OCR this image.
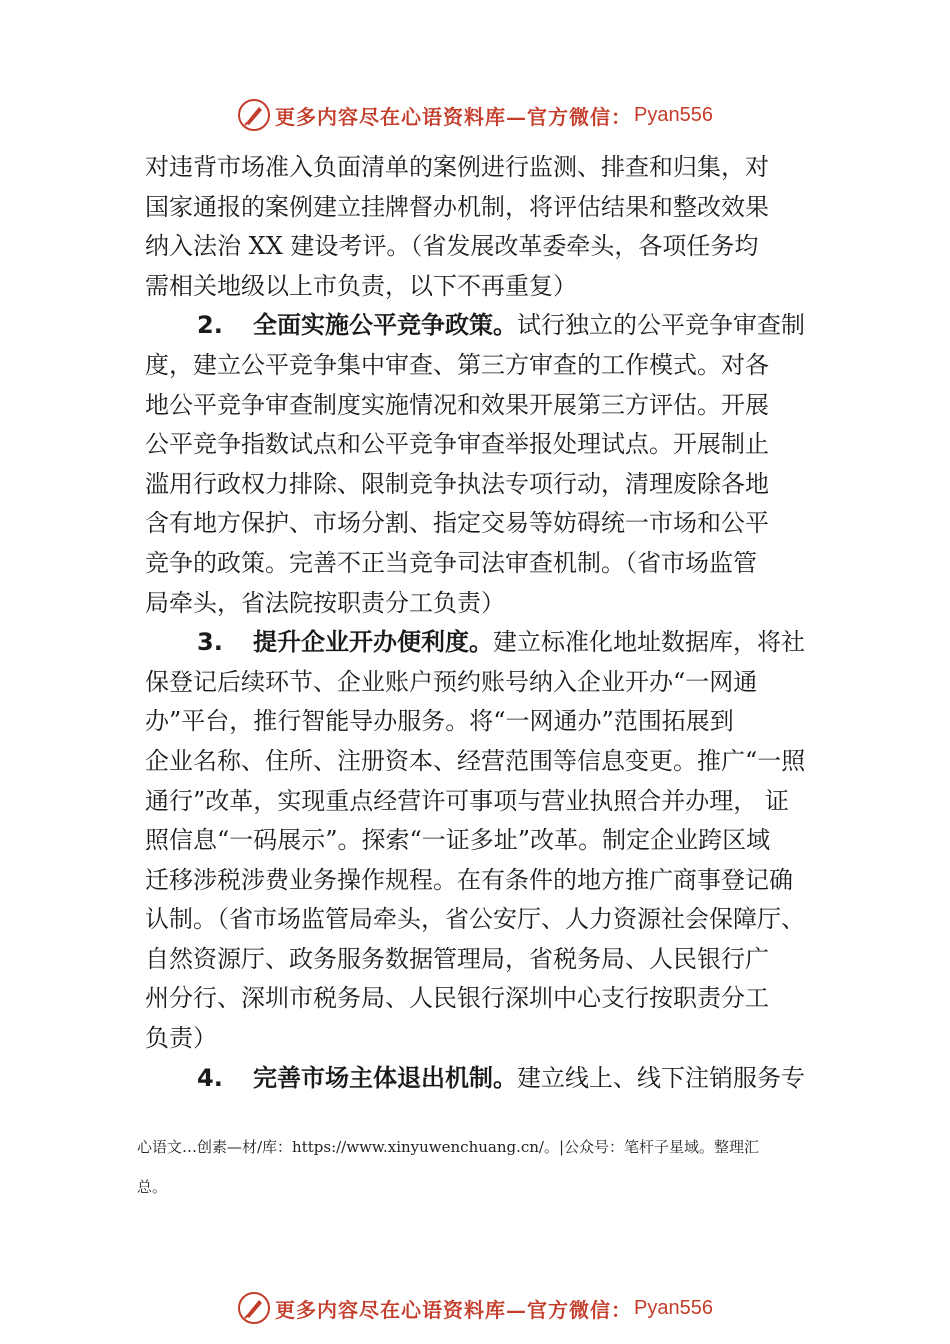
更多内容尽在心语资料库—官方微信： Pyan556

对违背市场准入负面清单的案例进行监测、排查和归集，对
国家通报的案例建立挂牌督办机制，将评估结果和整改效果
纳入法治 XX 建设考评。（省发展改革委牵头，各项任务均
需相关地级以上市负责，以下不再重复）

2. 全面实施公平竞争政策。试行独立的公平竞争审查制
度，建立公平竞争集中审查、第三方审查的工作模式。对各
地公平竞争审查制度实施情况和效果开展第三方评估。开展
公平竞争指数试点和公平竞争审查举报处理试点。开展制止
滥用行政权力排除、限制竞争执法专项行动，清理废除各地
含有地方保护、市场分割、指定交易等妨碍统一市场和公平
竞争的政策。完善不正当竞争司法审查机制。（省市场监管
局牵头，省法院按职责分工负责）

3. 提升企业开办便利度。建立标准化地址数据库，将社
保登记后续环节、企业账户预约账号纳入企业开办“一网通
办”平台，推行智能导办服务。将“一网通办”范围拓展到
企业名称、住所、注册资本、经营范围等信息变更。推广“一照
通行”改革，实现重点经营许可事项与营业执照合并办理， 证
照信息“一码展示”。探索“一证多址”改革。制定企业跨区域
迁移涉税涉费业务操作规程。在有条件的地方推广商事登记确
认制。（省市场监管局牵头，省公安厅、人力资源社会保障厅、
自然资源厅、政务服务数据管理局，省税务局、人民银行广
州分行、深圳市税务局、人民银行深圳中心支行按职责分工
负责）

4. 完善市场主体退出机制。建立线上、线下注销服务专

心语文…创素—材/库：https://www.xinyuwenchuang.cn/。|公众号：笔杆子星域。整理汇
总。
更多内容尽在心语资料库—官方微信： Pyan556
